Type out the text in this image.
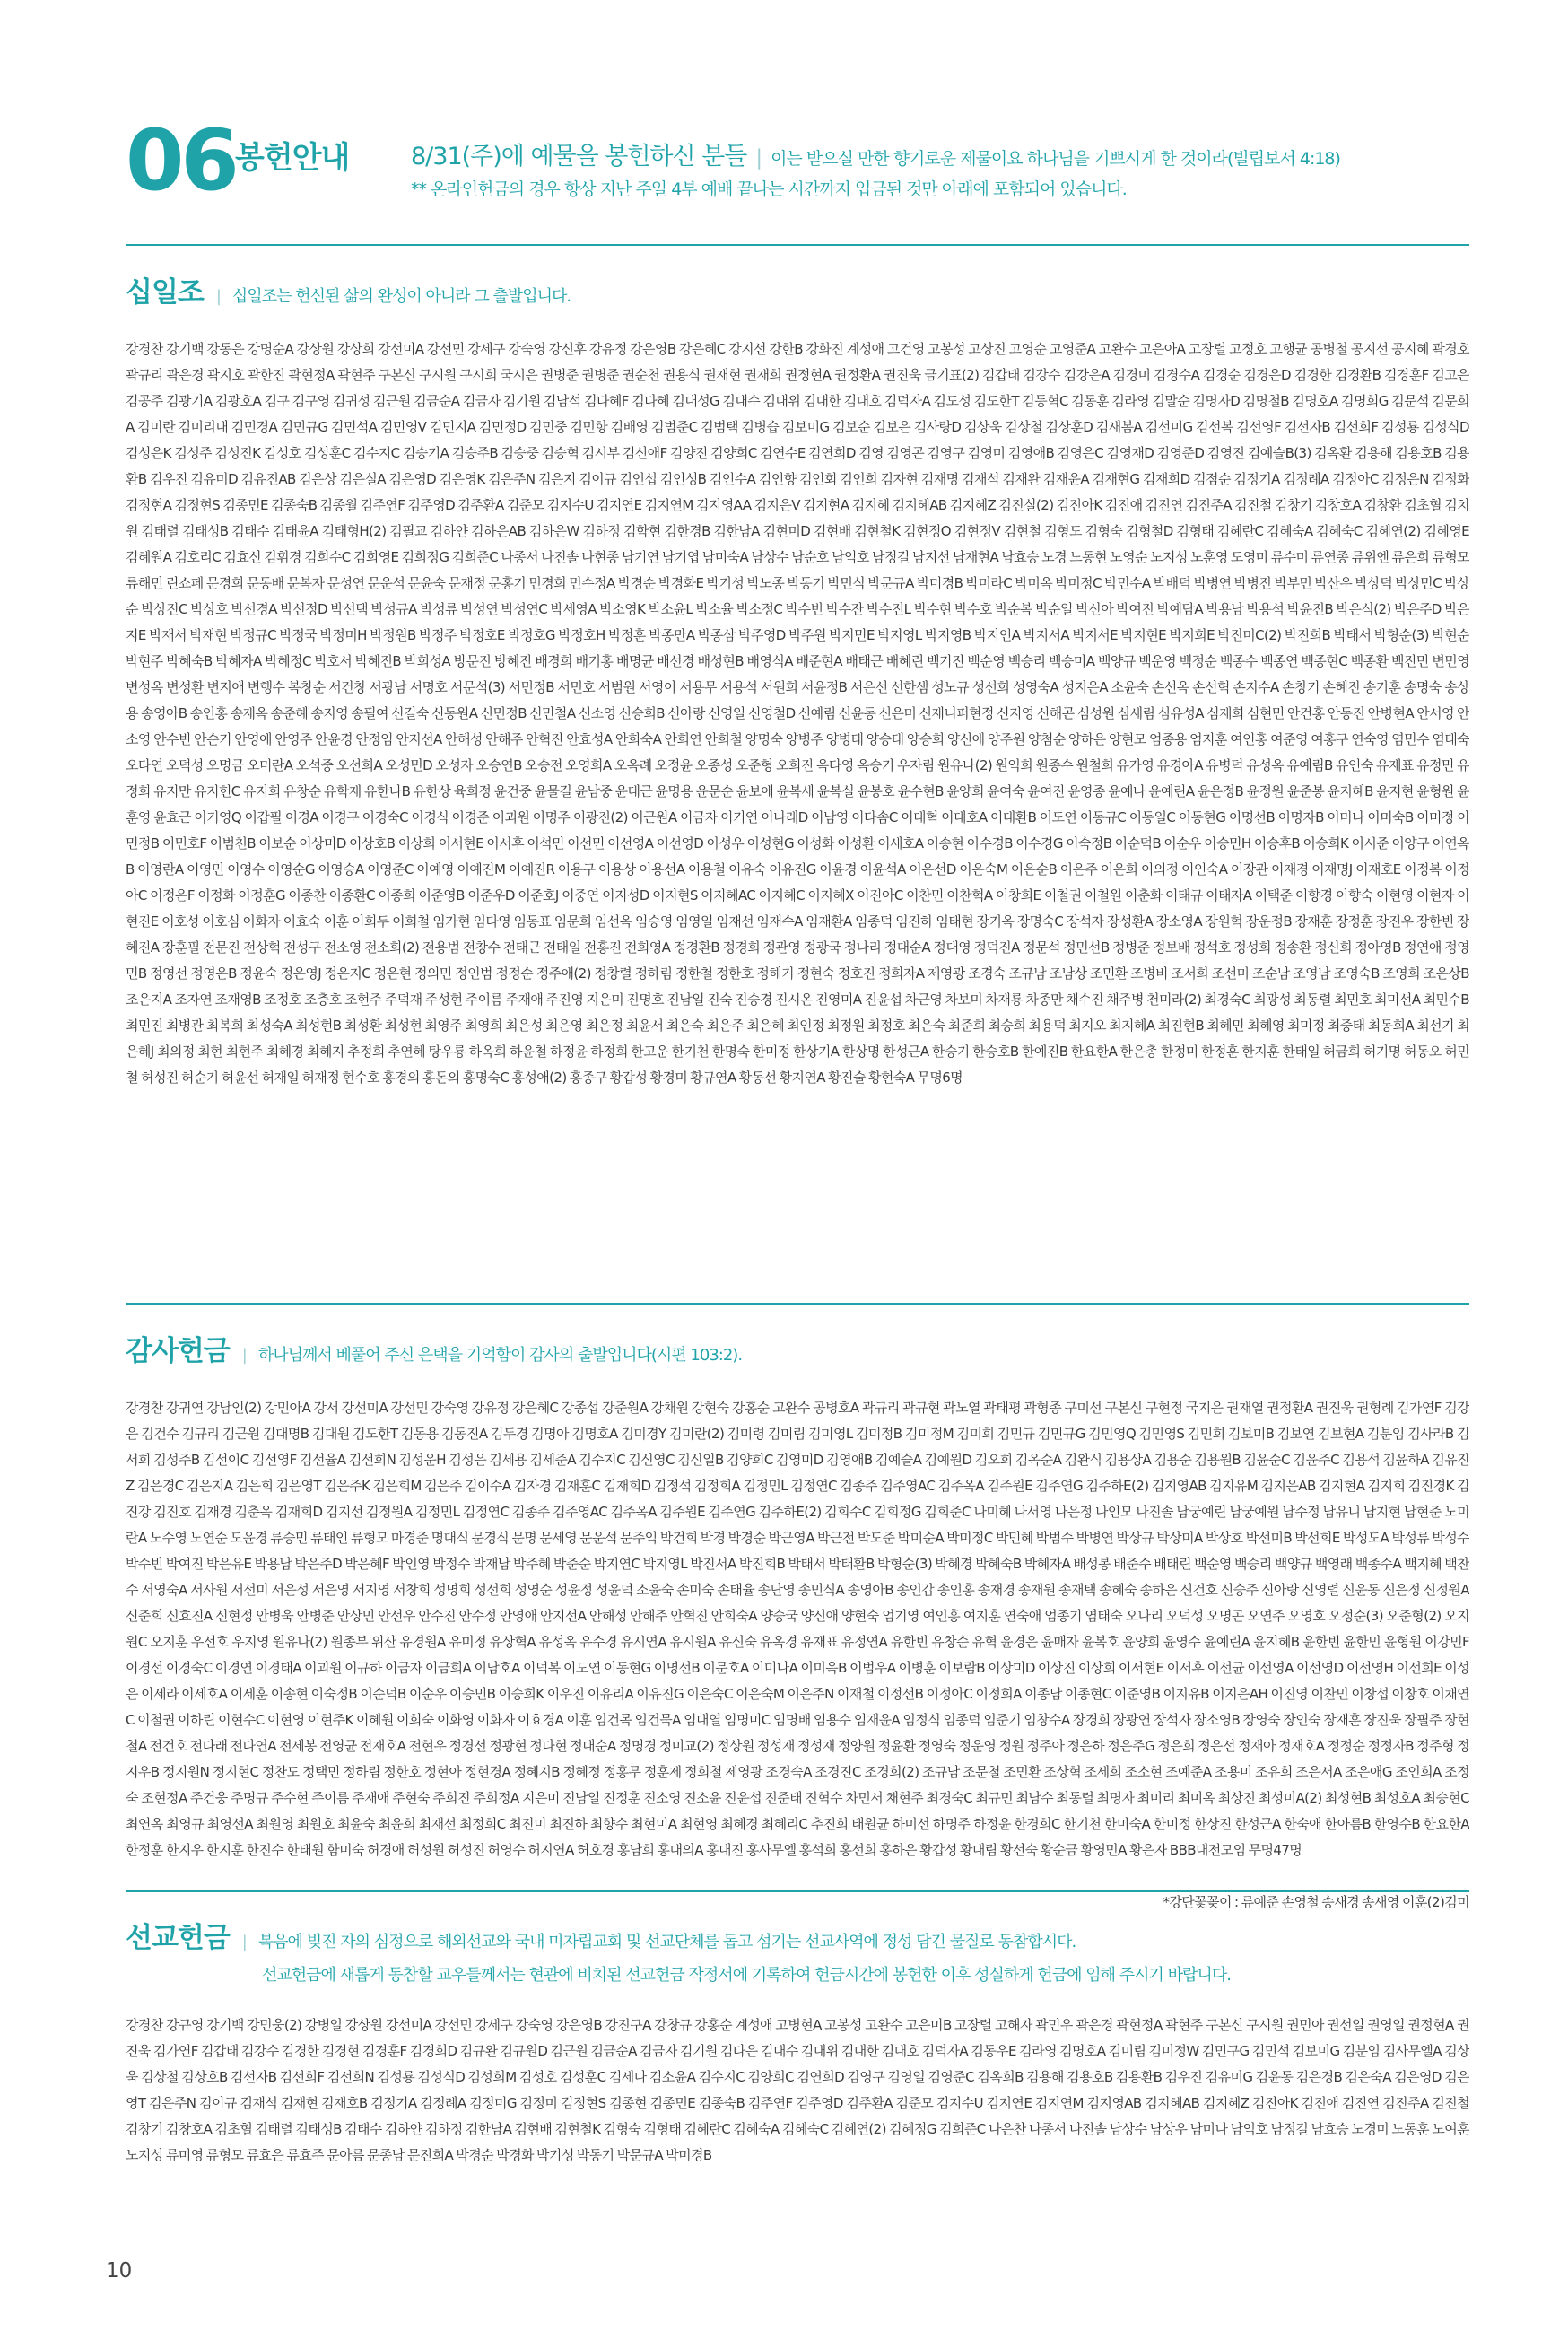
06 봉헌안내	8/31(주)에 예물을 봉헌하신 분들 | 이는 받으실 만한 향기로운 제물이요 하나님을 기쁘시게 한 것이라(빌립보서 4:18)
** 온라인헌금의 경우 항상 지난 주일 4부 예배 끝나는 시간까지 입금된 것만 아래에 포함되어 있습니다.
십일조 | 십일조는 헌신된 삶의 완성이 아니라 그 출발입니다.
강경찬 강기백 강동은 강명순A 강상원 강상희 강선미A 강선민 강세구 강숙영 강신후 강유정 강은영B 강은혜C 강지선 강한B 강화진 계성애 고건영 고봉성 고상진 고영순 고영준A 고완수 고은아A 고장렬 고정호 고행균 공병철 공지선 공지혜 곽경호 곽규리 곽은경 곽지호 곽한진 곽현정A 곽현주 구본신 구시원 구시희 국시은 권병준 권병준 권순천 권용식 권재현 권재희 권정현A 권정환A 권진욱 금기표(2) 김갑태 김강수 김강은A 김경미 김경수A 김경순 김경은D 김경한 김경환B 김경훈F 김고은 김공주 김광기A 김광호A 김구 김구영 김귀성 김근원 김금순A 김금자 김기원 김남석 김다혜F 김다혜 김대성G 김대수 김대위 김대한 김대호 김덕자A 김도성 김도한T 김동혁C 김동훈 김라영 김말순 김명자D 김명철B 김명호A 김명희G 김문석 김문희A 김미란 김미리내 김민경A 김민규G 김민석A 김민영V 김민지A 김민정D 김민중 김민항 김배영 김범준C 김범택 김병습 김보미G 김보순 김보은 김사랑D 김상욱 김상철 김상훈D 김새봄A 김선미G 김선복 김선영F 김선자B 김선희F 김성룡 김성식D 김성은K 김성주 김성진K 김성호 김성훈C 김수지C 김승기A 김승주B 김승중 김승혁 김시부 김신애F 김양진 김양희C 김연수E 김연희D 김영 김영곤 김영구 김영미 김영애B 김영은C 김영재D 김영준D 김영진 김예슬B(3) 김옥환 김용해 김용호B 김용환B 김우진 김유미D 김유진AB 김은상 김은실A 김은영D 김은영K 김은주N 김은지 김이규 김인섭 김인성B 김인수A 김인향 김인회 김인희 김자현 김재명 김재석 김재완 김재윤A 김재현G 김재희D 김점순 김정기A 김정례A 김정아C 김정은N 김정화 김정현A 김정현S 김종민E 김종숙B 김종월 김주연F 김주영D 김주환A 김준모 김지수U 김지연E 김지연M 김지영AA 김지은V 김지현A 김지혜 김지혜AB 김지혜Z 김진실(2) 김진아K 김진애 김진연 김진주A 김진철 김창기 김창호A 김창환 김초혈 김치원 김태렬 김태성B 김태수 김태윤A 김태형H(2) 김필교 김하얀 김하은AB 김하은W 김하정 김학현 김한경B 김한남A 김현미D 김현배 김현철K 김현정O 김현정V 김현철 김형도 김형숙 김형철D 김형태 김혜란C 김혜숙A 김혜숙C 김혜연(2) 김혜영E 김혜원A 김호리C 김효신 김휘경 김희수C 김희영E 김희정G 김희준C 나종서 나진솔 나현종 남기연 남기엽 남미숙A 남상수 남순호 남익호 남정길 남지선 남재현A 남효승 노경 노동현 노영순 노지성 노훈영 도영미 류수미 류연종 류위엔 류은희 류형모 류해민 린쇼페 문경희 문동배 문복자 문성연 문운석 문윤숙 문재정 문홍기 민경희 민수정A 박경순 박경화E 박기성 박노종 박동기 박민식 박문규A 박미경B 박미라C 박미옥 박미정C 박민수A 박배덕 박병연 박병진 박부민 박산우 박상덕 박상민C 박상순 박상진C 박상호 박선경A 박선정D 박선택 박성규A 박성류 박성연 박성연C 박세영A 박소영K 박소윤L 박소율 박소정C 박수빈 박수잔 박수진L 박수현 박수호 박순복 박순일 박신아 박여진 박예담A 박용남 박용석 박윤진B 박은식(2) 박은주D 박은지E 박재서 박재현 박정규C 박정국 박정미H 박정원B 박정주 박정호E 박정호G 박정호H 박정훈 박종만A 박종삼 박주영D 박주원 박지민E 박지영L 박지영B 박지인A 박지서A 박지서E 박지현E 박지희E 박진미C(2) 박진희B 박태서 박형순(3) 박현순 박현주 박혜숙B 박혜자A 박혜정C 박호서 박혜진B 박희성A 방문진 방혜진 배경희 배기홍 배명균 배선경 배성현B 배영식A 배준현A 배태근 배혜린 백기진 백순영 백승리 백승미A 백양규 백운영 백정순 백종수 백종연 백종현C 백종환 백진민 변민영 변성옥 변성환 변지애 변행수 복창순 서건창 서광남 서명호 서문석(3) 서민정B 서민호 서범원 서영이 서용무 서용석 서원희 서윤정B 서은선 선한샘 성노규 성선희 성영숙A 성지은A 소윤숙 손선옥 손선혁 손지수A 손창기 손혜진 송기훈 송명숙 송상용 송영아B 송인홍 송재옥 송준혜 송지영 송필여 신길숙 신동원A 신민정B 신민철A 신소영 신승희B 신아랑 신영일 신영철D 신예림 신윤동 신은미 신재니퍼현정 신지영 신해곤 심성원 심세림 심유성A 심재희 심현민 안건홍 안동진 안병현A 안서영 안소영 안수빈 안순기 안영애 안영주 안윤경 안정임 안지선A 안해성 안해주 안혁진 안효성A 안희숙A 안희연 안희철 양명숙 양병주 양병태 양승태 양승희 양신애 양주원 양첨순 양하은 양현모 엄종용 엄지훈 여인홍 여준영 여홍구 연숙영 염민수 염태숙 오다연 오덕성 오명금 오미란A 오석중 오선희A 오성민D 오성자 오승연B 오승전 오영희A 오옥례 오정윤 오종성 오준형 오희진 옥다영 옥승기 우자림 원유나(2) 원익희 원종수 원철희 유가영 유경아A 유병덕 유성옥 유예림B 유인숙 유재표 유정민 유정희 유지만 유지헌C 유지희 유창순 유학재 유한나B 유한상 육희정 윤건중 윤물길 윤남중 윤대근 윤명용 윤문순 윤보애 윤복세 윤복실 윤봉호 윤수현B 윤양희 윤여숙 윤여진 윤영종 윤예나 윤예린A 윤은정B 윤정원 윤준봉 윤지혜B 윤지현 윤형원 윤훈영 윤효근 이기영Q 이갑필 이경A 이경구 이경숙C 이경식 이경준 이괴원 이명주 이광진(2) 이근원A 이금자 이기연 이나래D 이남영 이다솜C 이대혁 이대호A 이대환B 이도연 이동규C 이동일C 이동현G 이명선B 이명자B 이미나 이미숙B 이미정 이민정B 이민호F 이범천B 이보순 이상미D 이상호B 이상희 이서현E 이서후 이석민 이선민 이선영A 이선영D 이성우 이성현G 이성화 이성환 이세호A 이송현 이수경B 이수경G 이숙정B 이순덕B 이순우 이승민H 이승후B 이승희K 이시준 이양구 이연옥B 이영란A 이영민 이영수 이영순G 이영승A 이영준C 이예영 이예진M 이예진R 이용구 이용상 이용선A 이용철 이유숙 이유진G 이윤경 이윤석A 이은선D 이은숙M 이은순B 이은주 이은희 이의정 이인숙A 이장관 이재경 이재명J 이재호E 이정복 이정아C 이정은F 이정화 이정훈G 이종찬 이종환C 이종희 이준영B 이준우D 이준호J 이중연 이지성D 이지현S 이지혜AC 이지혜C 이지혜X 이진아C 이찬민 이찬혁A 이창희E 이철권 이철원 이춘화 이태규 이태자A 이택준 이향경 이향숙 이현영 이현자 이현진E 이호성 이호심 이화자 이효숙 이훈 이희두 이희철 임가현 임다영 임동표 임문희 임선옥 임승영 임영일 임재선 임재수A 임재환A 임종덕 임진하 임태현 장기옥 장명숙C 장석자 장성환A 장소영A 장원혁 장운정B 장재훈 장정훈 장진우 장한빈 장혜진A 장훈필 전문진 전상혁 전성구 전소영 전소희(2) 전용범 전창수 전태근 전태일 전홍진 전희영A 정경환B 정경희 정관영 정광국 정나리 정대순A 정대영 정덕진A 정문석 정민선B 정병준 정보배 정석호 정성희 정송환 정신희 정아영B 정연애 정영민B 정영선 정영은B 정윤숙 정은영J 정은지C 정은현 정의민 정인범 정정순 정주애(2) 정창렬 정하림 정한철 정한호 정해기 정현숙 정호진 정희자A 제영광 조경숙 조규남 조남상 조민환 조병비 조서희 조선미 조순남 조영남 조영숙B 조영희 조은상B 조은지A 조자연 조재영B 조정호 조층호 조현주 주덕재 주성현 주이름 주재애 주진영 지은미 진명호 진남일 진숙 진승경 진시온 진영미A 진윤섭 차근영 차보미 차재룡 차종만 채수진 채주병 천미라(2) 최경숙C 최광성 최동렬 최민호 최미선A 최민수B 최민진 최병관 최복희 최성숙A 최성현B 최성환 최성현 최영주 최영희 최은성 최은영 최은정 최윤서 최은숙 최은주 최은혜 최인정 최정원 최정호 최은숙 최준희 최승희 최용덕 최지오 최지혜A 최진현B 최혜민 최혜영 최미정 최중태 최동희A 최선기 최은혜J 최의정 최현 최현주 최혜경 최혜지 추정희 추연혜 탕우룡 하옥희 하윤철 하정윤 하정희 한고운 한기천 한명숙 한미정 한상기A 한상명 한성근A 한승기 한승호B 한예진B 한요한A 한은총 한정미 한정훈 한지훈 한태일 허금희 허기명 허동오 허민철 허성진 허순기 허윤선 허재일 허재정 현수호 홍경의 홍돈의 홍명숙C 홍성애(2) 홍종구 황갑성 황경미 황규연A 황동선 황지연A 황진술 황현숙A 무명6명
감사헌금 | 하나님께서 베풀어 주신 은택을 기억함이 감사의 출발입니다(시편 103:2).
강경찬 강귀연 강남인(2) 강민아A 강서 강선미A 강선민 강숙영 강유정 강은혜C 강종섭 강준원A 강채원 강현숙 강홍순 고완수 공병호A 곽규리 곽규현 곽노열 곽태평 곽형종 구미선 구본신 구현정 국지은 권재열 권정환A 권진욱 권형례 김가연F 김강은 김건수 김규리 김근원 김대명B 김대원 김도한T 김동용 김동진A 김두경 김명아 김명호A 김미경Y 김미란(2) 김미령 김미림 김미영L 김미정B 김미정M 김미희 김민규 김민규G 김민영Q 김민영S 김민희 김보미B 김보연 김보현A 김분임 김사라B 김서희 김성주B 김선이C 김선영F 김선율A 김선희N 김성운H 김성은 김세용 김세준A 김수지C 김신영C 김신일B 김양희C 김영미D 김영애B 김예슬A 김예원D 김오희 김옥순A 김완식 김용상A 김용순 김용원B 김윤순C 김윤주C 김용석 김윤하A 김유진Z 김은경C 김은지A 김은희 김은영T 김은주K 김은희M 김은주 김이수A 김자경 김재훈C 김재희D 김정석 김정희A 김정민L 김정연C 김종주 김주영AC 김주옥A 김주원E 김주연G 김주하E(2) 김지영AB 김지유M 김지은AB 김지현A 김지희 김진경K 김진강 김진호 김재경 김춘옥 김재희D 김지선 김정원A 김정민L 김정연C 김종주 김주영AC 김주옥A 김주원E 김주연G 김주하E(2) 김희수C 김희정G 김희준C 나미혜 나서영 나은정 나인모 나진솔 남궁예린 남궁예원 남수정 남유니 남지현 남현준 노미란A 노수영 노연순 도윤경 류승민 류태인 류형모 마경준 명대식 문경식 문명 문세영 문운석 문주익 박건희 박경 박경순 박근영A 박근전 박도준 박미순A 박미정C 박민혜 박범수 박병연 박상규 박상미A 박상호 박선미B 박선희E 박성도A 박성류 박성수 박수빈 박여진 박은유E 박용남 박은주D 박은혜F 박인영 박정수 박재남 박주혜 박준순 박지연C 박지영L 박진서A 박진희B 박태서 박태환B 박형순(3) 박혜경 박혜숙B 박혜자A 배성봉 배준수 배태린 백순영 백승리 백양규 백영래 백종수A 백지혜 백찬수 서영숙A 서사원 서선미 서은성 서은영 서지영 서창희 성명희 성선희 성영순 성윤정 성윤덕 소윤숙 손미숙 손태율 송난영 송민식A 송영아B 송인갑 송인홍 송재경 송재원 송재택 송혜숙 송하은 신건호 신승주 신아랑 신영렬 신윤동 신은정 신정원A 신준희 신효진A 신현정 안병욱 안병준 안상민 안선우 안수진 안수정 안영애 안지선A 안해성 안해주 안혁진 안희숙A 양승국 양신애 양현숙 엄기영 여인홍 여지훈 연숙애 엄종기 염태숙 오나리 오덕성 오명곤 오연주 오영호 오정순(3) 오준형(2) 오지원C 오지훈 우선호 우지영 원유나(2) 원종부 위산 유경원A 유미정 유상혁A 유성옥 유수경 유시연A 유시원A 유신숙 유옥경 유재표 유정연A 유한빈 유창순 유혁 윤경은 윤매자 윤복호 윤양희 윤영수 윤예린A 윤지혜B 윤한빈 윤한민 윤형원 이강민F 이경선 이경숙C 이경연 이경태A 이괴원 이규하 이금자 이금희A 이남호A 이덕복 이도연 이동현G 이명선B 이문호A 이미나A 이미옥B 이범우A 이병훈 이보람B 이상미D 이상진 이상희 이서현E 이서후 이선균 이선영A 이선영D 이선영H 이선희E 이성은 이세라 이세호A 이세훈 이송현 이숙정B 이순덕B 이순우 이승민B 이승희K 이우진 이유리A 이유진G 이은숙C 이은숙M 이은주N 이재철 이정선B 이정아C 이정희A 이종남 이종현C 이준영B 이지유B 이지은AH 이진영 이찬민 이창섭 이창호 이채연C 이철권 이하린 이현수C 이현영 이현주K 이혜원 이희숙 이화영 이화자 이효경A 이훈 임건목 임건묵A 임대열 임명미C 임명배 임용수 임재윤A 임정식 임종덕 임준기 임창수A 장경희 장광연 장석자 장소영B 장영숙 장인숙 장재훈 장진욱 장필주 장현철A 전건호 전다래 전다연A 전세봉 전영균 전재호A 전현우 정경선 정광현 정다현 정대순A 정명경 정미교(2) 정상원 정성재 정성재 정양원 정윤환 정영숙 정운영 정원 정주아 정은하 정은주G 정은희 정은선 정재아 정재호A 정정순 정정자B 정주형 정지우B 정지원N 정지현C 정찬도 정택민 정하림 정한호 정현아 정현경A 정혜지B 정혜정 정홍무 정훈제 정희철 제영광 조경숙A 조경진C 조경희(2) 조규남 조문철 조민환 조상혁 조세희 조소현 조예준A 조용미 조유희 조은서A 조은애G 조인희A 조정숙 조현정A 주건웅 주명규 주수현 주이름 주재애 주현숙 주희진 주희정A 지은미 진남일 진정훈 진소영 진소윤 진윤섭 진준태 진혁수 차민서 채현주 최경숙C 최규민 최남수 최동렬 최명자 최미리 최미옥 최상진 최성미A(2) 최성현B 최성호A 최승현C 최연옥 최영규 최영선A 최원영 최원호 최윤숙 최윤희 최재선 최정희C 최진미 최진하 최향수 최현미A 최현영 최혜경 최혜리C 추진희 태원균 하미선 하명주 하정윤 한경희C 한기천 한미숙A 한미정 한상진 한성근A 한숙애 한아름B 한영수B 한요한A 한정훈 한지우 한지훈 한진수 한태원 함미숙 허경애 허성원 허성진 허영수 허지연A 허호경 홍남희 홍대의A 홍대진 홍사무엘 홍석희 홍선희 홍하은 황갑성 황대림 황선숙 황순금 황영민A 황은자 BBB대전모임 무명47명
*강단꽃꽂이 : 류예준 손영철 송새경 송새영 이훈(2)김미
선교헌금 | 복음에 빚진 자의 심정으로 해외선교와 국내 미자립교회 및 선교단체를 돕고 섬기는 선교사역에 정성 담긴 물질로 동참합시다.
선교헌금에 새롭게 동참할 교우들께서는 현관에 비치된 선교헌금 작정서에 기록하여 헌금시간에 봉헌한 이후 성실하게 헌금에 임해 주시기 바랍니다.
강경찬 강규영 강기백 강민웅(2) 강병일 강상원 강선미A 강선민 강세구 강숙영 강은영B 강진구A 강창규 강홍순 계성애 고병현A 고봉성 고완수 고은미B 고장렬 고해자 곽민우 곽은경 곽현정A 곽현주 구본신 구시원 권민아 권선일 권영일 권정현A 권진욱 김가연F 김갑태 김강수 김경한 김경현 김경훈F 김경희D 김규완 김규원D 김근원 김금순A 김금자 김기원 김다은 김대수 김대위 김대한 김대호 김덕자A 김동우E 김라영 김명호A 김미림 김미정W 김민구G 김민석 김보미G 김분임 김사무엘A 김상욱 김상철 김상호B 김선자B 김선희F 김선희N 김성룡 김성식D 김성희M 김성호 김성훈C 김세나 김소윤A 김수지C 김양희C 김연희D 김영구 김영일 김영준C 김옥희B 김용해 김용호B 김용환B 김우진 김유미G 김윤동 김은경B 김은숙A 김은영D 김은영T 김은주N 김이규 김재석 김재현 김재호B 김정기A 김정례A 김정미G 김정미 김정현S 김종현 김종민E 김종숙B 김주연F 김주영D 김주환A 김준모 김지수U 김지연E 김지연M 김지영AB 김지혜AB 김지혜Z 김진아K 김진애 김진연 김진주A 김진철 김창기 김창호A 김초혈 김태렬 김태성B 김태수 김하얀 김하정 김한남A 김현배 김현철K 김형숙 김형태 김혜란C 김혜숙A 김혜숙C 김혜연(2) 김혜정G 김희준C 나은찬 나종서 나진솔 남상수 남상우 남미나 남익호 남정길 남효승 노경미 노동훈 노여훈 노지성 류미영 류형모 류효은 류효주 문아름 문종남 문진희A 박경순 박경화 박기성 박동기 박문규A 박미경B
10
